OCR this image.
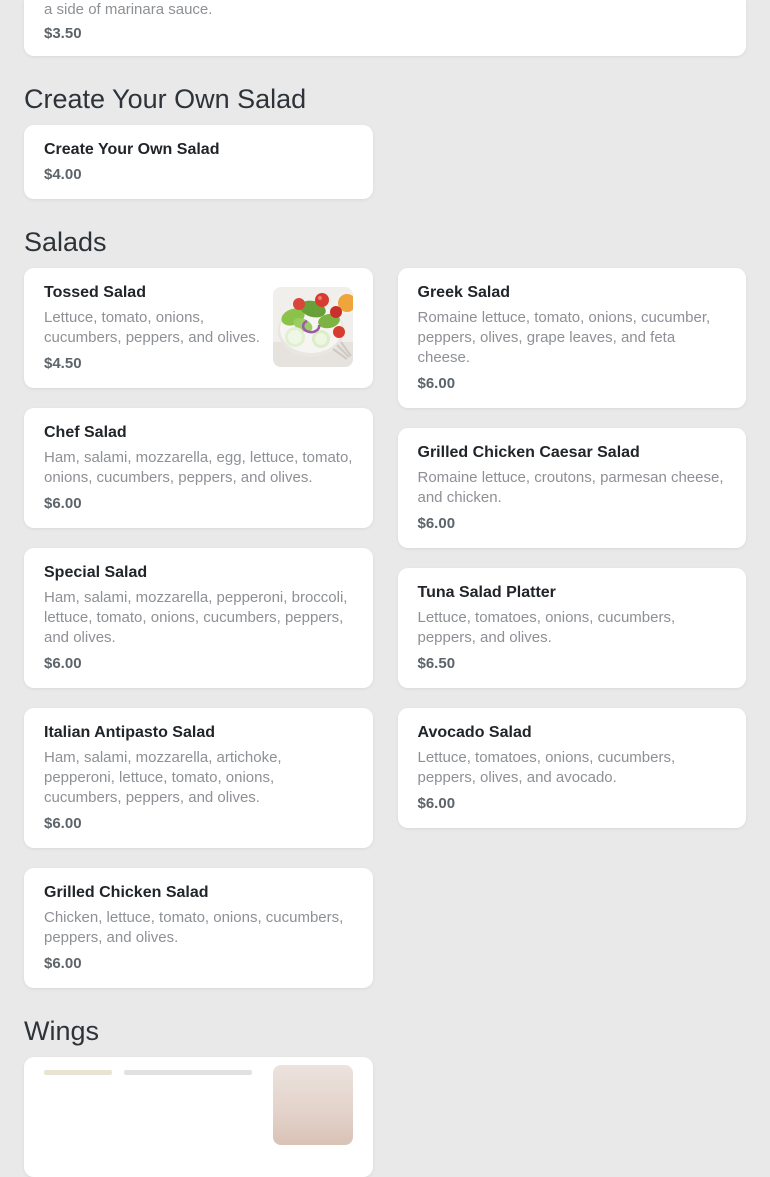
a side of marinara sauce.
$3.50
Create Your Own Salad
Create Your Own Salad
$4.00
Salads
Tossed Salad
Lettuce, tomato, onions, cucumbers, peppers, and olives.
$4.50
Chef Salad
Ham, salami, mozzarella, egg, lettuce, tomato, onions, cucumbers, peppers, and olives.
$6.00
Special Salad
Ham, salami, mozzarella, pepperoni, broccoli, lettuce, tomato, onions, cucumbers, peppers, and olives.
$6.00
Italian Antipasto Salad
Ham, salami, mozzarella, artichoke, pepperoni, lettuce, tomato, onions, cucumbers, peppers, and olives.
$6.00
Grilled Chicken Salad
Chicken, lettuce, tomato, onions, cucumbers, peppers, and olives.
$6.00
Greek Salad
Romaine lettuce, tomato, onions, cucumber, peppers, olives, grape leaves, and feta cheese.
$6.00
Grilled Chicken Caesar Salad
Romaine lettuce, croutons, parmesan cheese, and chicken.
$6.00
Tuna Salad Platter
Lettuce, tomatoes, onions, cucumbers, peppers, and olives.
$6.50
Avocado Salad
Lettuce, tomatoes, onions, cucumbers, peppers, olives, and avocado.
$6.00
Wings
